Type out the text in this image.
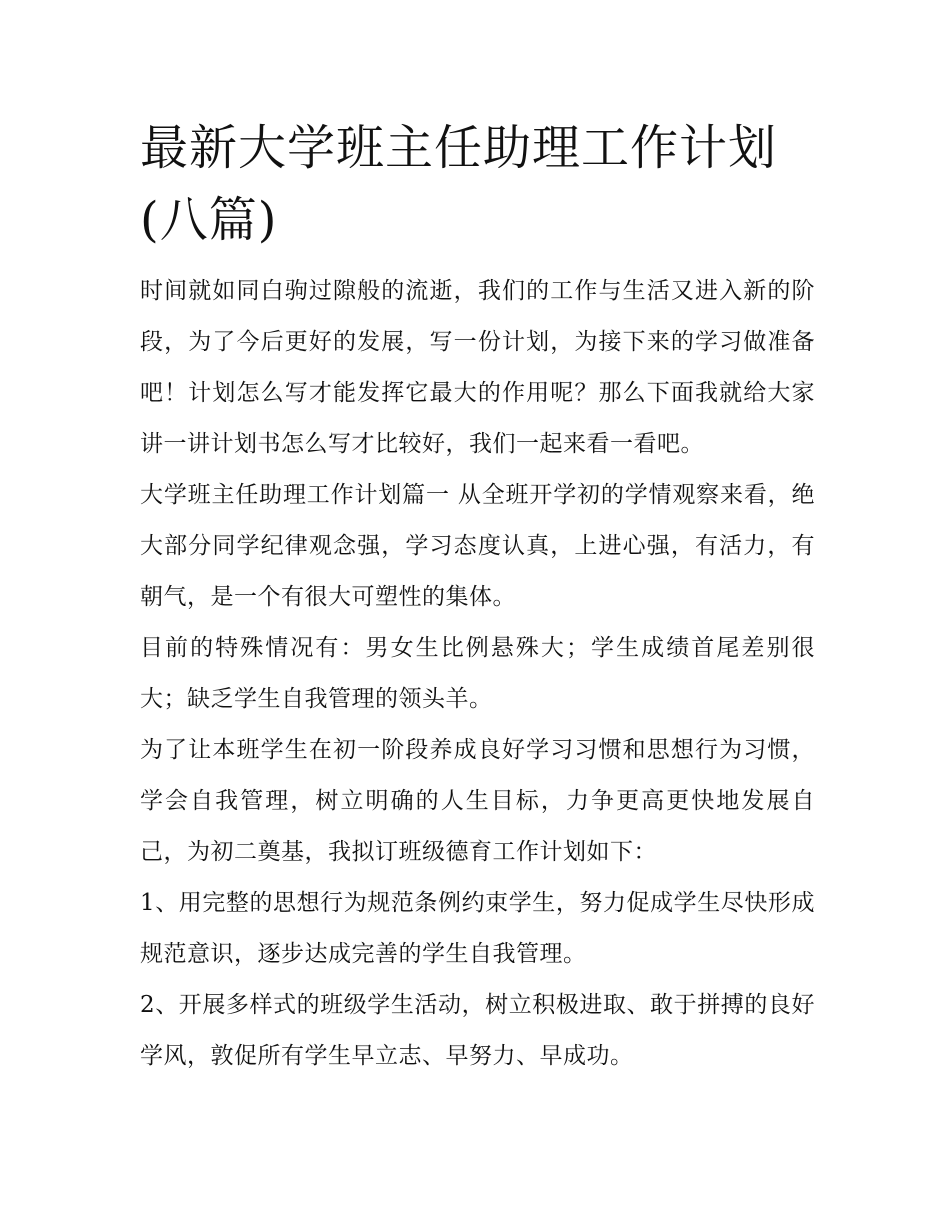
最新大学班主任助理工作计划(八篇)

时间就如同白驹过隙般的流逝，我们的工作与生活又进入新的阶段，为了今后更好的发展，写一份计划，为接下来的学习做准备吧！计划怎么写才能发挥它最大的作用呢？那么下面我就给大家讲一讲计划书怎么写才比较好，我们一起来看一看吧。

大学班主任助理工作计划篇一 从全班开学初的学情观察来看，绝大部分同学纪律观念强，学习态度认真，上进心强，有活力，有朝气，是一个有很大可塑性的集体。

目前的特殊情况有：男女生比例悬殊大；学生成绩首尾差别很大；缺乏学生自我管理的领头羊。

为了让本班学生在初一阶段养成良好学习习惯和思想行为习惯，学会自我管理，树立明确的人生目标，力争更高更快地发展自己，为初二奠基，我拟订班级德育工作计划如下：

1、用完整的思想行为规范条例约束学生，努力促成学生尽快形成规范意识，逐步达成完善的学生自我管理。

2、开展多样式的班级学生活动，树立积极进取、敢于拼搏的良好学风，敦促所有学生早立志、早努力、早成功。
